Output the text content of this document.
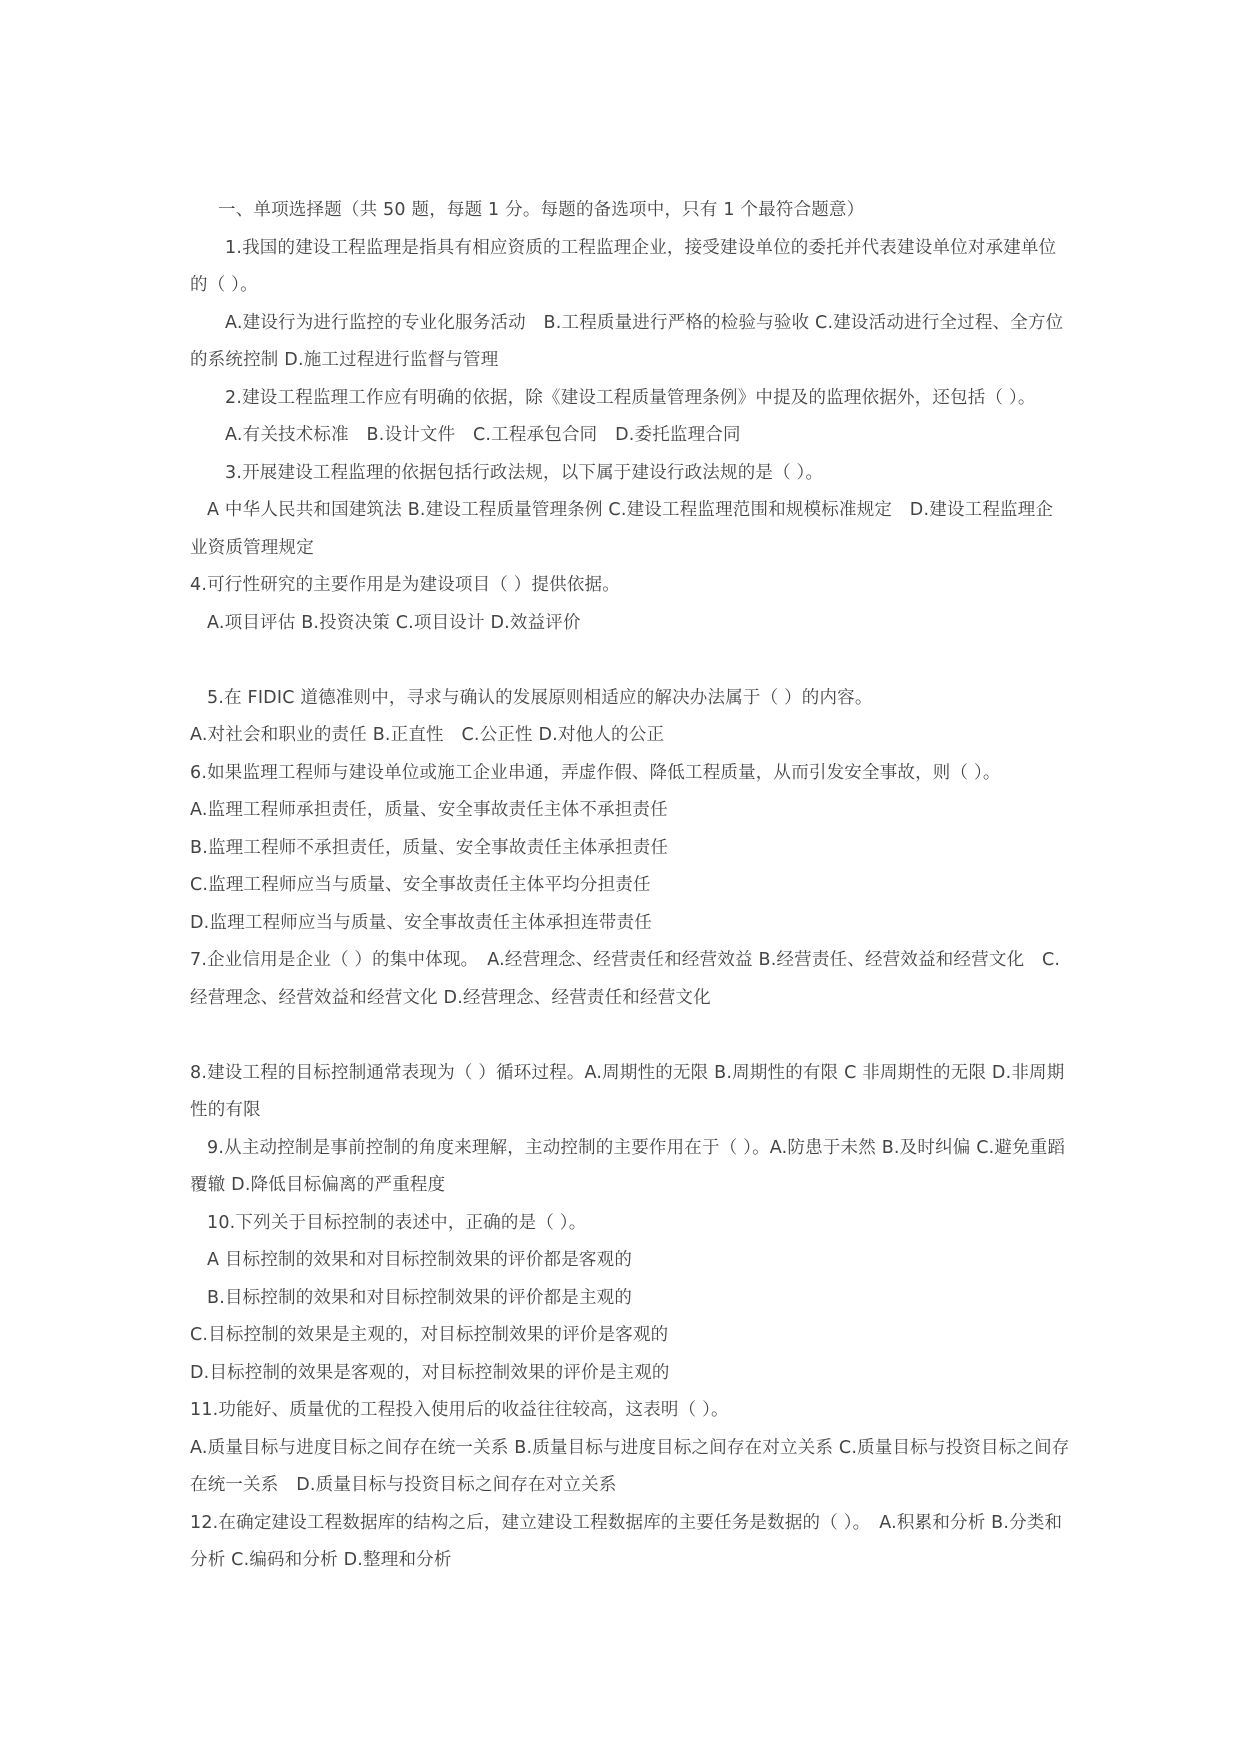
一、单项选择题（共 50 题，每题 1 分。每题的备选项中，只有 1 个最符合题意）

1.我国的建设工程监理是指具有相应资质的工程监理企业，接受建设单位的委托并代表建设单位对承建单位的（ ）。

A.建设行为进行监控的专业化服务活动　B.工程质量进行严格的检验与验收 C.建设活动进行全过程、全方位的系统控制 D.施工过程进行监督与管理

2.建设工程监理工作应有明确的依据，除《建设工程质量管理条例》中提及的监理依据外，还包括（ ）。

A.有关技术标准　B.设计文件　C.工程承包合同　D.委托监理合同

3.开展建设工程监理的依据包括行政法规，以下属于建设行政法规的是（ ）。

A 中华人民共和国建筑法 B.建设工程质量管理条例 C.建设工程监理范围和规模标准规定　D.建设工程监理企业资质管理规定

4.可行性研究的主要作用是为建设项目（ ）提供依据。

A.项目评估 B.投资决策 C.项目设计 D.效益评价

5.在 FIDIC 道德准则中，寻求与确认的发展原则相适应的解决办法属于（ ）的内容。

A.对社会和职业的责任 B.正直性　C.公正性 D.对他人的公正

6.如果监理工程师与建设单位或施工企业串通，弄虚作假、降低工程质量，从而引发安全事故，则（ ）。

A.监理工程师承担责任，质量、安全事故责任主体不承担责任

B.监理工程师不承担责任，质量、安全事故责任主体承担责任

C.监理工程师应当与质量、安全事故责任主体平均分担责任

D.监理工程师应当与质量、安全事故责任主体承担连带责任

7.企业信用是企业（ ）的集中体现。　A.经营理念、经营责任和经营效益 B.经营责任、经营效益和经营文化　C.经营理念、经营效益和经营文化 D.经营理念、经营责任和经营文化

8.建设工程的目标控制通常表现为（ ）循环过程。A.周期性的无限 B.周期性的有限 C 非周期性的无限 D.非周期性的有限

9.从主动控制是事前控制的角度来理解，主动控制的主要作用在于（ ）。A.防患于未然 B.及时纠偏 C.避免重蹈覆辙 D.降低目标偏离的严重程度

10.下列关于目标控制的表述中，正确的是（ ）。

A 目标控制的效果和对目标控制效果的评价都是客观的

B.目标控制的效果和对目标控制效果的评价都是主观的

C.目标控制的效果是主观的，对目标控制效果的评价是客观的

D.目标控制的效果是客观的，对目标控制效果的评价是主观的

11.功能好、质量优的工程投入使用后的收益往往较高，这表明（ ）。

A.质量目标与进度目标之间存在统一关系 B.质量目标与进度目标之间存在对立关系 C.质量目标与投资目标之间存在统一关系　D.质量目标与投资目标之间存在对立关系

12.在确定建设工程数据库的结构之后，建立建设工程数据库的主要任务是数据的（ ）。　A.积累和分析 B.分类和分析 C.编码和分析 D.整理和分析
